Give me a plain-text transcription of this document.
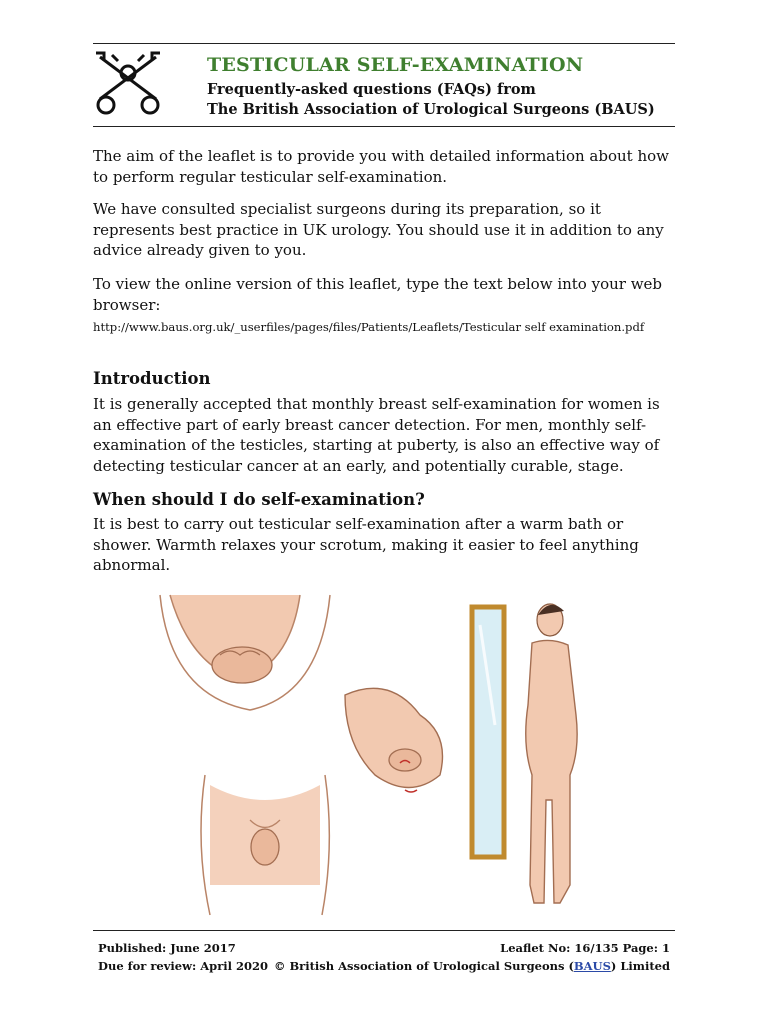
TESTICULAR SELF-EXAMINATION
Frequently-asked questions (FAQs) from
The British Association of Urological Surgeons (BAUS)
The aim of the leaflet is to provide you with detailed information about how to perform regular testicular self-examination.
We have consulted specialist surgeons during its preparation, so it represents best practice in UK urology. You should use it in addition to any advice already given to you.
To view the online version of this leaflet, type the text below into your web browser:
http://www.baus.org.uk/_userfiles/pages/files/Patients/Leaflets/Testicular self examination.pdf
Introduction
It is generally accepted that monthly breast self-examination for women is an effective part of early breast cancer detection. For men, monthly self-examination of the testicles, starting at puberty, is also an effective way of detecting testicular cancer at an early, and potentially curable, stage.
When should I do self-examination?
It is best to carry out testicular self-examination after a warm bath or shower. Warmth relaxes your scrotum, making it easier to feel anything abnormal.
Published: June 2017
Due for review: April 2020
Leaflet No: 16/135 Page: 1
© British Association of Urological Surgeons (BAUS) Limited
